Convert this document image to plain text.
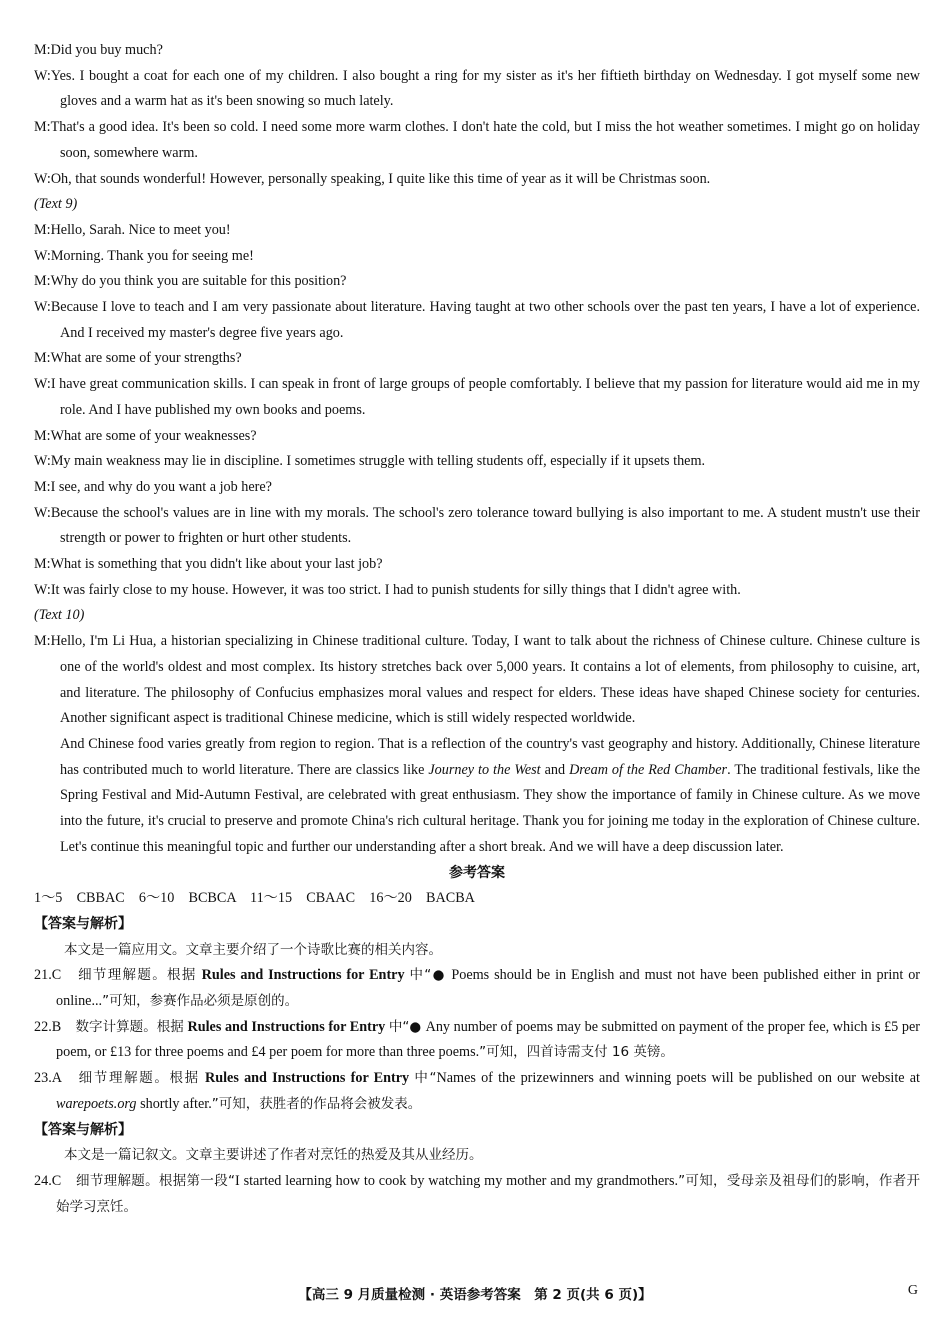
M:Did you buy much?

W:Yes. I bought a coat for each one of my children. I also bought a ring for my sister as it's her fiftieth birthday on Wednesday. I got myself some new gloves and a warm hat as it's been snowing so much lately.

M:That's a good idea. It's been so cold. I need some more warm clothes. I don't hate the cold, but I miss the hot weather sometimes. I might go on holiday soon, somewhere warm.

W:Oh, that sounds wonderful! However, personally speaking, I quite like this time of year as it will be Christmas soon.

(Text 9)

M:Hello, Sarah. Nice to meet you!

W:Morning. Thank you for seeing me!

M:Why do you think you are suitable for this position?

W:Because I love to teach and I am very passionate about literature. Having taught at two other schools over the past ten years, I have a lot of experience. And I received my master's degree five years ago.

M:What are some of your strengths?

W:I have great communication skills. I can speak in front of large groups of people comfortably. I believe that my passion for literature would aid me in my role. And I have published my own books and poems.

M:What are some of your weaknesses?

W:My main weakness may lie in discipline. I sometimes struggle with telling students off, especially if it upsets them.

M:I see, and why do you want a job here?

W:Because the school's values are in line with my morals. The school's zero tolerance toward bullying is also important to me. A student mustn't use their strength or power to frighten or hurt other students.

M:What is something that you didn't like about your last job?

W:It was fairly close to my house. However, it was too strict. I had to punish students for silly things that I didn't agree with.

(Text 10)

M:Hello, I'm Li Hua, a historian specializing in Chinese traditional culture. Today, I want to talk about the richness of Chinese culture. Chinese culture is one of the world's oldest and most complex. Its history stretches back over 5,000 years. It contains a lot of elements, from philosophy to cuisine, art, and literature. The philosophy of Confucius emphasizes moral values and respect for elders. These ideas have shaped Chinese society for centuries. Another significant aspect is traditional Chinese medicine, which is still widely respected worldwide.

And Chinese food varies greatly from region to region. That is a reflection of the country's vast geography and history. Additionally, Chinese literature has contributed much to world literature. There are classics like Journey to the West and Dream of the Red Chamber. The traditional festivals, like the Spring Festival and Mid-Autumn Festival, are celebrated with great enthusiasm. They show the importance of family in Chinese culture. As we move into the future, it's crucial to preserve and promote China's rich cultural heritage. Thank you for joining me today in the exploration of Chinese culture. Let's continue this meaningful topic and further our understanding after a short break. And we will have a deep discussion later.

参考答案

1～5　CBBAC　6～10　BCBCA　11～15　CBAAC　16～20　BACBA

【答案与解析】

本文是一篇应用文。文章主要介绍了一个诗歌比赛的相关内容。

21.C　 细节理解题。根据 Rules and Instructions for Entry 中“● Poems should be in English and must not have been published either in print or online...”可知，参赛作品必须是原创的。

22.B　 数字计算题。根据 Rules and Instructions for Entry 中“● Any number of poems may be submitted on payment of the proper fee, which is £5 per poem, or £13 for three poems and £4 per poem for more than three poems.”可知，四首诗需支付 16 英镑。

23.A　 细节理解题。根据 Rules and Instructions for Entry 中“Names of the prizewinners and winning poets will be published on our website at warepoets.org shortly after.”可知，获胜者的作品将会被发表。

【答案与解析】

本文是一篇记叙文。文章主要讲述了作者对烹饪的热爱及其从业经历。

24.C　 细节理解题。根据第一段“I started learning how to cook by watching my mother and my grandmothers.”可知，受母亲及祖母们的影响，作者开始学习烹饪。

【高三 9 月质量检测 · 英语参考答案　第 2 页(共 6 页)】	G
